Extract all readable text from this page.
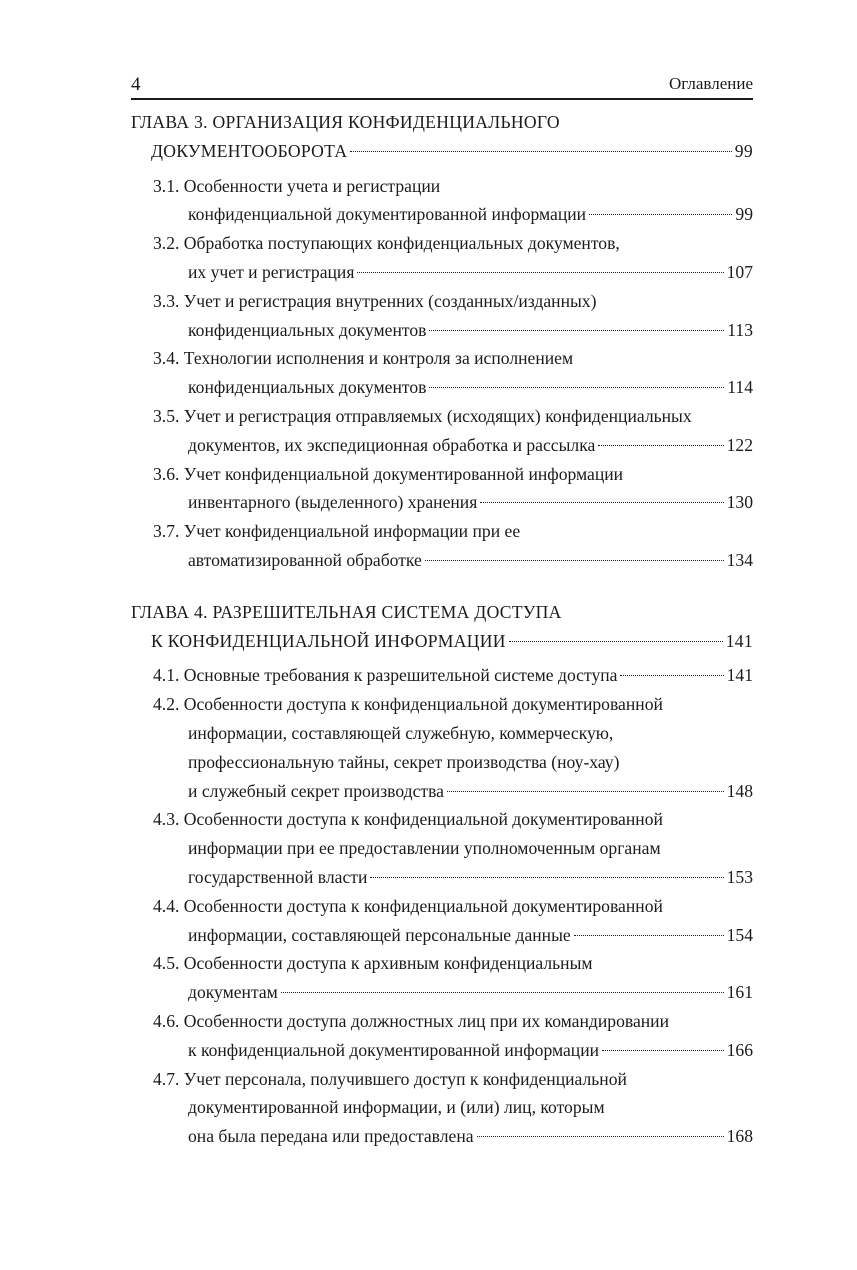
4	Оглавление
ГЛАВА 3. ОРГАНИЗАЦИЯ КОНФИДЕНЦИАЛЬНОГО
ДОКУМЕНТООБОРОТА	99
3.1. Особенности учета и регистрации
конфиденциальной документированной информации	99
3.2. Обработка поступающих конфиденциальных документов,
их учет и регистрация	107
3.3. Учет и регистрация внутренних (созданных/изданных)
конфиденциальных документов	113
3.4. Технологии исполнения и контроля за исполнением
конфиденциальных документов	114
3.5. Учет и регистрация отправляемых (исходящих) конфиденциальных
документов, их экспедиционная обработка и рассылка	122
3.6. Учет конфиденциальной документированной информации
инвентарного (выделенного) хранения	130
3.7. Учет конфиденциальной информации при ее
автоматизированной обработке	134
ГЛАВА 4. РАЗРЕШИТЕЛЬНАЯ СИСТЕМА ДОСТУПА
К КОНФИДЕНЦИАЛЬНОЙ ИНФОРМАЦИИ	141
4.1. Основные требования к разрешительной системе доступа	141
4.2. Особенности доступа к конфиденциальной документированной
информации, составляющей служебную, коммерческую,
профессиональную тайны, секрет производства (ноу-хау)
и служебный секрет производства	148
4.3. Особенности доступа к конфиденциальной документированной
информации при ее предоставлении уполномоченным органам
государственной власти	153
4.4. Особенности доступа к конфиденциальной документированной
информации, составляющей персональные данные	154
4.5. Особенности доступа к архивным конфиденциальным
документам	161
4.6. Особенности доступа должностных лиц при их командировании
к конфиденциальной документированной информации	166
4.7. Учет персонала, получившего доступ к конфиденциальной
документированной информации, и (или) лиц, которым
она была передана или предоставлена	168
